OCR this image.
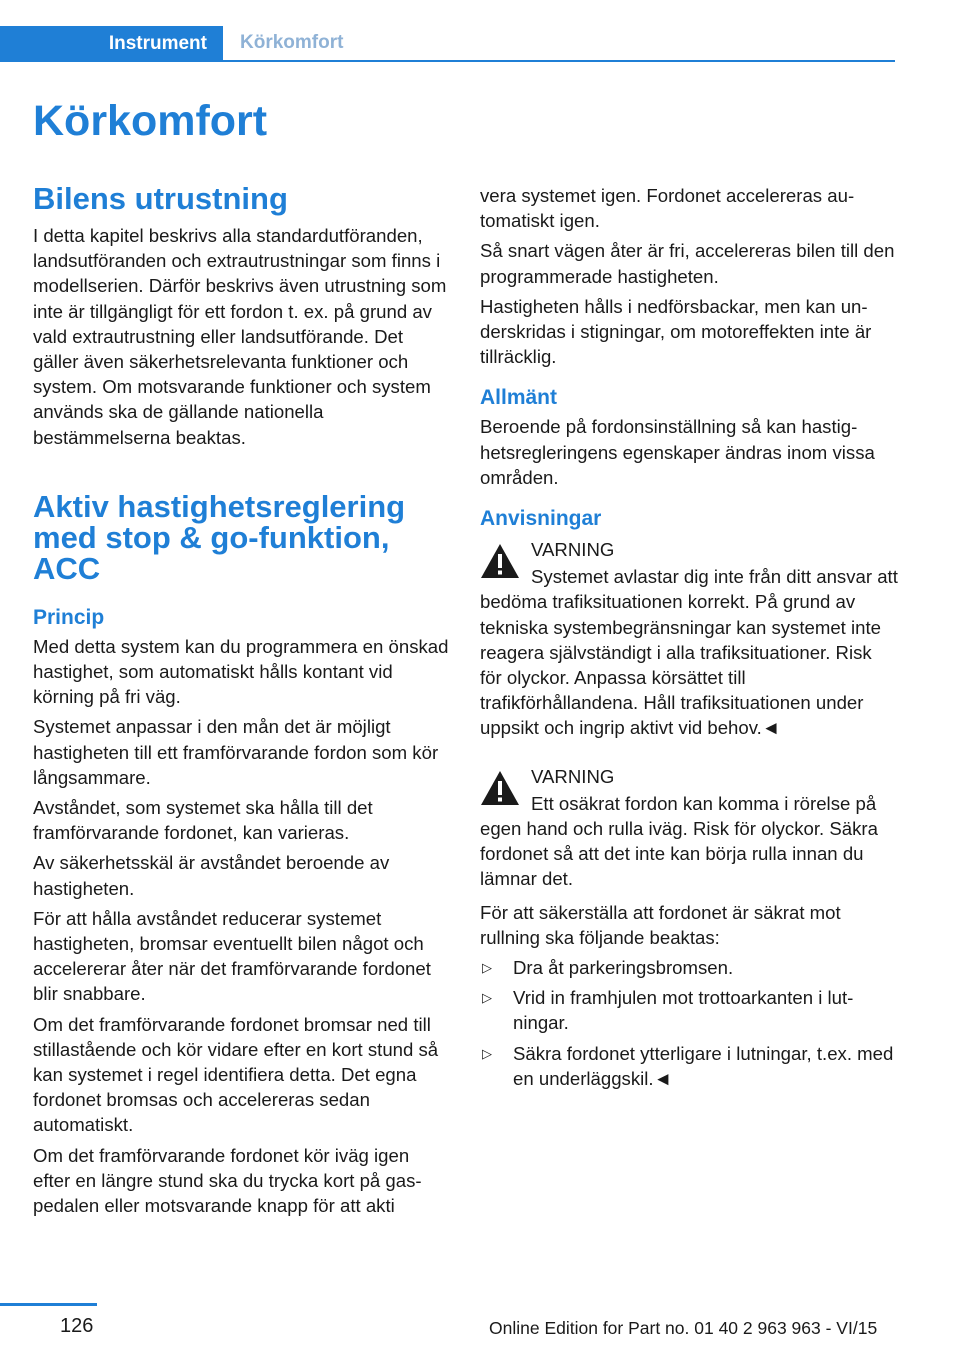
Instrument	Körkomfort
Körkomfort
Bilens utrustning

I detta kapitel beskrivs alla standardutföranden, landsutföranden och extrautrustningar som finns i modellserien. Därför beskrivs även utrustning som inte är tillgängligt för ett fordon t. ex. på grund av vald extrautrustning eller landsutförande. Det gäller även säkerhetsrelevanta funktioner och system. Om motsvarande funktioner och system används ska de gällande nationella bestämmelserna beaktas.

Aktiv hastighetsreglering med stop & go-funktion, ACC
Princip

Med detta system kan du programmera en önskad hastighet, som automatiskt hålls kontant vid körning på fri väg.

Systemet anpassar i den mån det är möjligt hastigheten till ett framförvarande fordon som kör långsammare.

Avståndet, som systemet ska hålla till det framförvarande fordonet, kan varieras.

Av säkerhetsskäl är avståndet beroende av hastigheten.

För att hålla avståndet reducerar systemet hastigheten, bromsar eventuellt bilen något och accelererar åter när det framförvarande fordonet blir snabbare.

Om det framförvarande fordonet bromsar ned till stillastående och kör vidare efter en kort stund så kan systemet i regel identifiera detta. Det egna fordonet bromsas och accelereras sedan automatiskt.

Om det framförvarande fordonet kör iväg igen efter en längre stund ska du trycka kort på gaspedalen eller motsvarande knapp för att akti

vera systemet igen. Fordonet accelereras automatiskt igen.

Så snart vägen åter är fri, accelereras bilen till den programmerade hastigheten.

Hastigheten hålls i nedförsbackar, men kan underskridas i stigningar, om motoreffekten inte är tillräcklig.

Allmänt

Beroende på fordonsinställning så kan hastighetsregleringens egenskaper ändras inom vissa områden.

Anvisningar

VARNING

Systemet avlastar dig inte från ditt ansvar att bedöma trafiksituationen korrekt. På grund av tekniska systembegränsningar kan systemet inte reagera självständigt i alla trafiksituationer. Risk för olyckor. Anpassa körsättet till trafikförhållandena. Håll trafiksituationen under uppsikt och ingrip aktivt vid behov.◄

VARNING

Ett osäkrat fordon kan komma i rörelse på egen hand och rulla iväg. Risk för olyckor. Säkra fordonet så att det inte kan börja rulla innan du lämnar det.

För att säkerställa att fordonet är säkrat mot rullning ska följande beaktas:

▷ Dra åt parkeringsbromsen.
▷ Vrid in framhjulen mot trottoarkanten i lutningar.
▷ Säkra fordonet ytterligare i lutningar, t.ex. med en underläggskil.◄
126	Online Edition for Part no. 01 40 2 963 963 - VI/15
